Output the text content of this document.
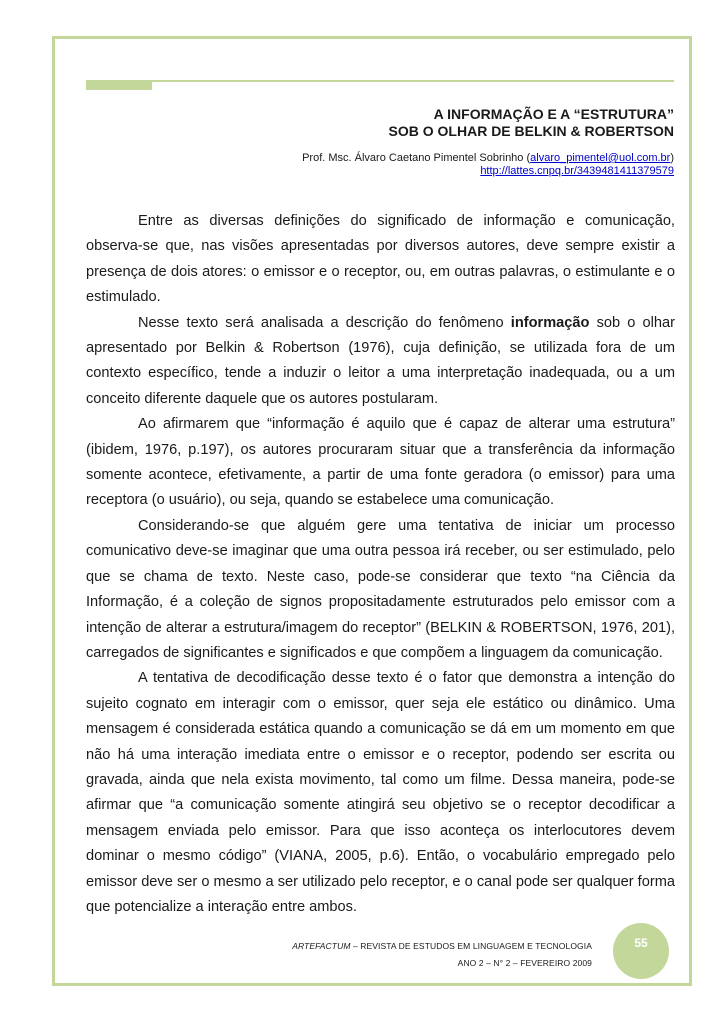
A INFORMAÇÃO E A “ESTRUTURA”
SOB O OLHAR DE BELKIN & ROBERTSON
Prof. Msc. Álvaro Caetano Pimentel Sobrinho (alvaro_pimentel@uol.com.br)
http://lattes.cnpq.br/3439481411379579

Entre as diversas definições do significado de informação e comunicação, observa-se que, nas visões apresentadas por diversos autores, deve sempre existir a presença de dois atores: o emissor e o receptor, ou, em outras palavras, o estimulante e o estimulado.

Nesse texto será analisada a descrição do fenômeno informação sob o olhar apresentado por Belkin & Robertson (1976), cuja definição, se utilizada fora de um contexto específico, tende a induzir o leitor a uma interpretação inadequada, ou a um conceito diferente daquele que os autores postularam.

Ao afirmarem que “informação é aquilo que é capaz de alterar uma estrutura” (ibidem, 1976, p.197), os autores procuraram situar que a transferência da informação somente acontece, efetivamente, a partir de uma fonte geradora (o emissor) para uma receptora (o usuário), ou seja, quando se estabelece uma comunicação.

Considerando-se que alguém gere uma tentativa de iniciar um processo comunicativo deve-se imaginar que uma outra pessoa irá receber, ou ser estimulado, pelo que se chama de texto. Neste caso, pode-se considerar que texto “na Ciência da Informação, é a coleção de signos propositadamente estruturados pelo emissor com a intenção de alterar a estrutura/imagem do receptor” (BELKIN & ROBERTSON, 1976, 201), carregados de significantes e significados e que compõem a linguagem da comunicação.

A tentativa de decodificação desse texto é o fator que demonstra a intenção do sujeito cognato em interagir com o emissor, quer seja ele estático ou dinâmico. Uma mensagem é considerada estática quando a comunicação se dá em um momento em que não há uma interação imediata entre o emissor e o receptor, podendo ser escrita ou gravada, ainda que nela exista movimento, tal como um filme. Dessa maneira, pode-se afirmar que “a comunicação somente atingirá seu objetivo se o receptor decodificar a mensagem enviada pelo emissor. Para que isso aconteça os interlocutores devem dominar o mesmo código” (VIANA, 2005, p.6). Então, o vocabulário empregado pelo emissor deve ser o mesmo a ser utilizado pelo receptor, e o canal pode ser qualquer forma que potencialize a interação entre ambos.

ARTEFACTUM – REVISTA DE ESTUDOS EM LINGUAGEM E TECNOLOGIA
ANO 2 – N° 2 – FEVEREIRO 2009
55
